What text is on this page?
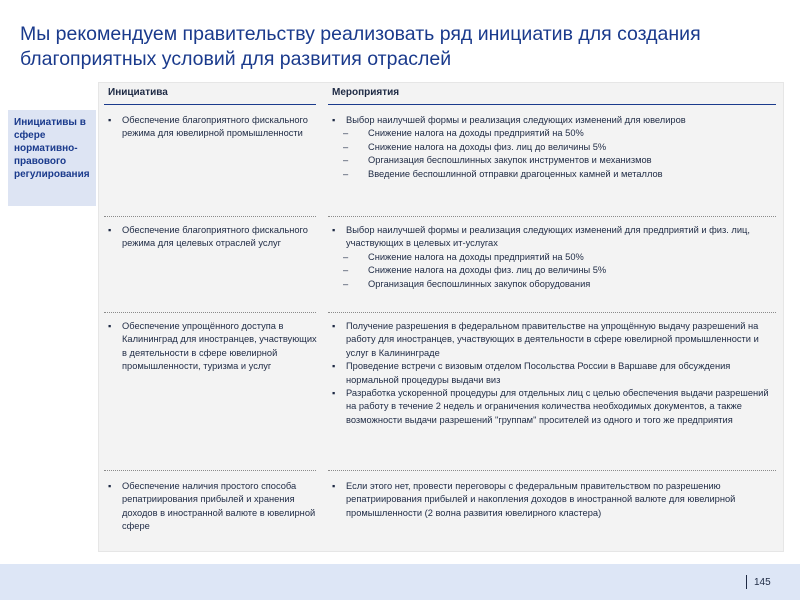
Мы рекомендуем правительству реализовать ряд инициатив для создания благоприятных условий для развития отраслей
Инициативы в сфере нормативно-правового регулирования
Инициатива	Мероприятия
▪ Обеспечение благоприятного фискального режима для ювелирной промышленности
▪ Выбор наилучшей формы и реализация следующих изменений для ювелиров
– Снижение налога на доходы предприятий на 50%
– Снижение налога на доходы физ. лиц до величины 5%
– Организация беспошлинных закупок инструментов и механизмов
– Введение беспошлинной отправки драгоценных камней и металлов
▪ Обеспечение благоприятного фискального режима для целевых отраслей услуг
▪ Выбор наилучшей формы и реализация следующих изменений для предприятий и физ. лиц, участвующих в целевых ит-услугах
– Снижение налога на доходы предприятий на 50%
– Снижение налога на доходы физ. лиц до величины 5%
– Организация беспошлинных закупок оборудования
▪ Обеспечение упрощённого доступа в Калининград для иностранцев, участвующих в деятельности в сфере ювелирной промышленности, туризма и услуг
▪ Получение разрешения в федеральном правительстве на упрощённую выдачу разрешений на работу для иностранцев, участвующих в деятельности в сфере ювелирной промышленности и услуг в Калининграде
▪ Проведение встречи с визовым отделом Посольства России в Варшаве для обсуждения нормальной процедуры выдачи виз
▪ Разработка ускоренной процедуры для отдельных лиц с целью обеспечения выдачи разрешений на работу в течение 2 недель и ограничения количества необходимых документов, а также возможности выдачи разрешений "группам" просителей из одного и того же предприятия
▪ Обеспечение наличия простого способа репатриирования прибылей и хранения доходов в иностранной валюте в ювелирной сфере
▪ Если этого нет, провести переговоры с федеральным правительством по разрешению репатриирования прибылей и накопления доходов в иностранной валюте для ювелирной промышленности (2 волна развития ювелирного кластера)
145
